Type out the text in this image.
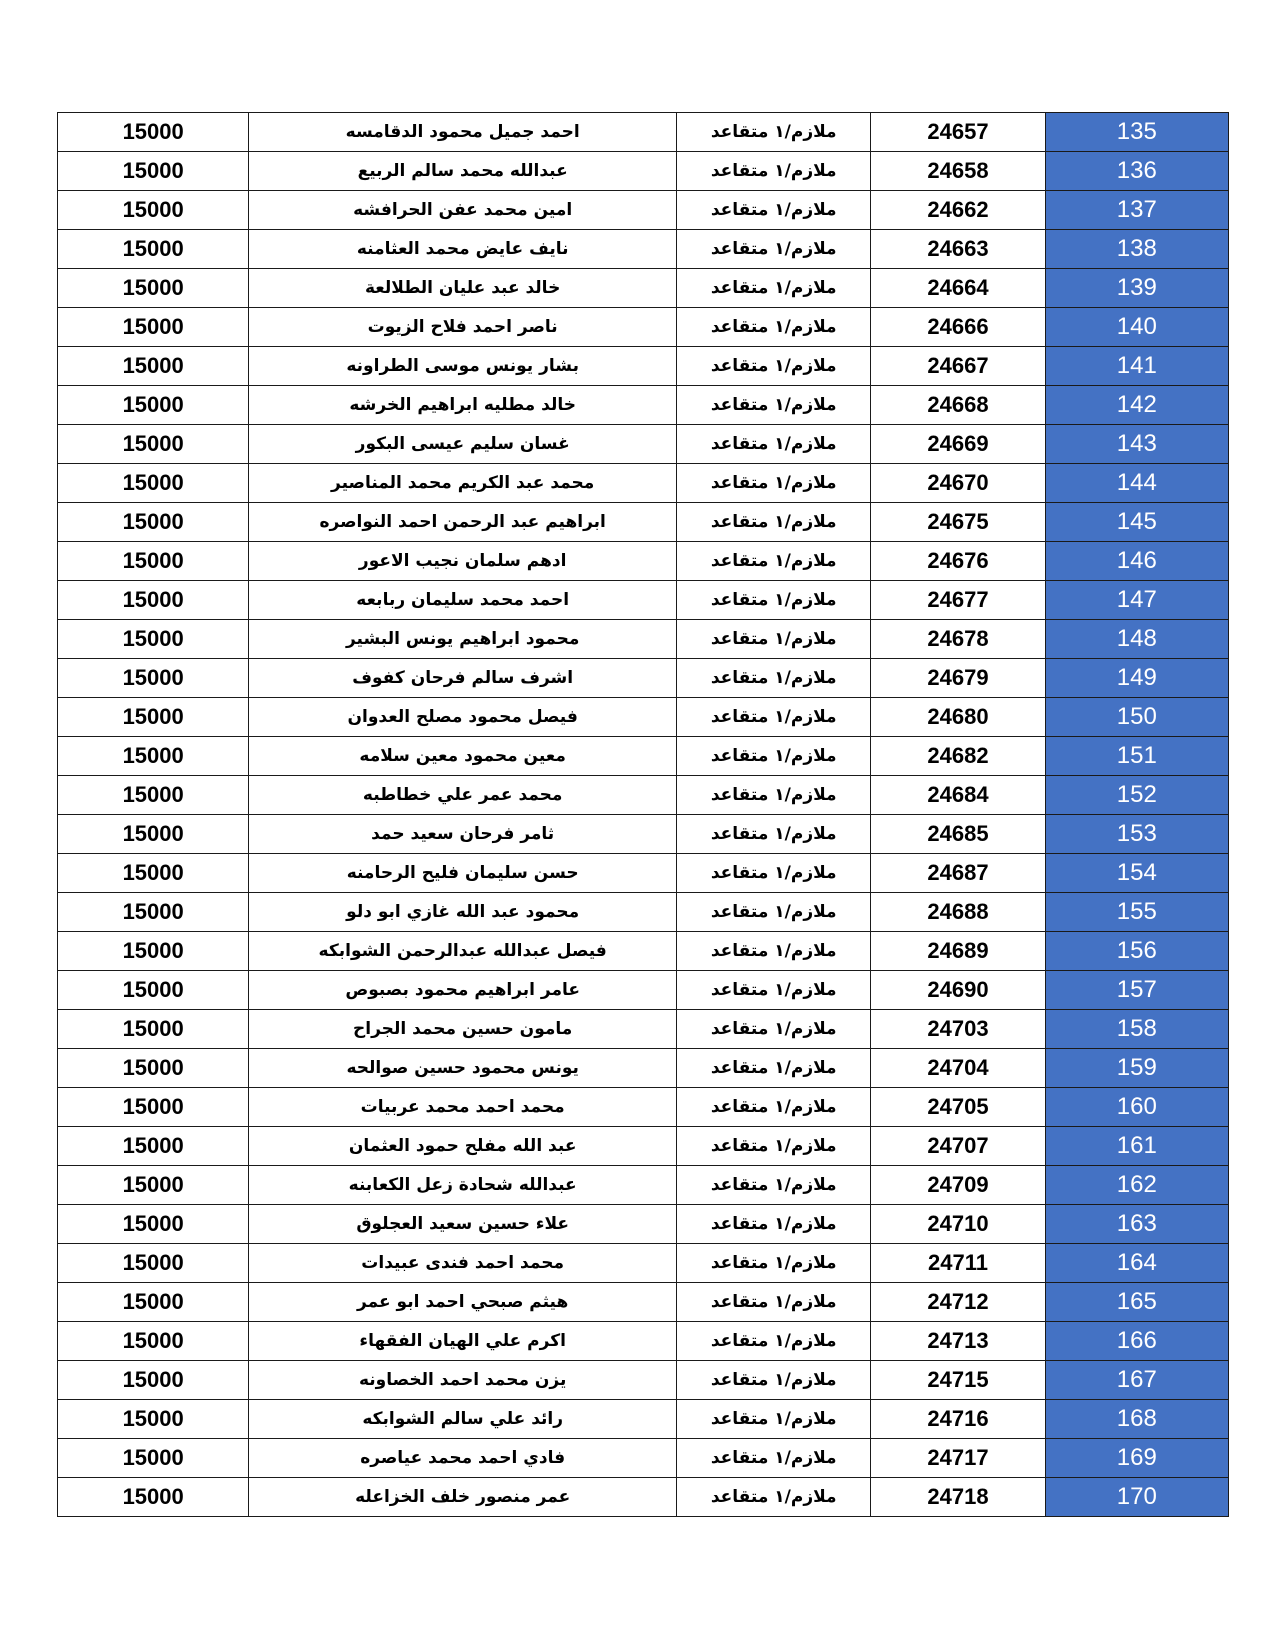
15000	احمد جميل محمود الدقامسه	ملازم/١ متقاعد	24657	135
15000	عبدالله محمد سالم الربيع	ملازم/١ متقاعد	24658	136
15000	امين محمد عفن الحرافشه	ملازم/١ متقاعد	24662	137
15000	نايف عايض محمد العثامنه	ملازم/١ متقاعد	24663	138
15000	خالد عبد عليان الطلالعة	ملازم/١ متقاعد	24664	139
15000	ناصر احمد فلاح الزيوت	ملازم/١ متقاعد	24666	140
15000	بشار يونس موسى الطراونه	ملازم/١ متقاعد	24667	141
15000	خالد مطليه ابراهيم الخرشه	ملازم/١ متقاعد	24668	142
15000	غسان سليم عيسى البكور	ملازم/١ متقاعد	24669	143
15000	محمد عبد الكريم محمد المناصير	ملازم/١ متقاعد	24670	144
15000	ابراهيم عبد الرحمن احمد النواصره	ملازم/١ متقاعد	24675	145
15000	ادهم سلمان نجيب الاعور	ملازم/١ متقاعد	24676	146
15000	احمد محمد سليمان ربابعه	ملازم/١ متقاعد	24677	147
15000	محمود ابراهيم يونس البشير	ملازم/١ متقاعد	24678	148
15000	اشرف سالم فرحان كفوف	ملازم/١ متقاعد	24679	149
15000	فيصل محمود مصلح العدوان	ملازم/١ متقاعد	24680	150
15000	معين محمود معين سلامه	ملازم/١ متقاعد	24682	151
15000	محمد عمر علي خطاطبه	ملازم/١ متقاعد	24684	152
15000	ثامر فرحان سعيد حمد	ملازم/١ متقاعد	24685	153
15000	حسن سليمان فليح الرحامنه	ملازم/١ متقاعد	24687	154
15000	محمود عبد الله غازي ابو دلو	ملازم/١ متقاعد	24688	155
15000	فيصل عبدالله عبدالرحمن الشوابكه	ملازم/١ متقاعد	24689	156
15000	عامر ابراهيم محمود بصبوص	ملازم/١ متقاعد	24690	157
15000	مامون حسين محمد الجراح	ملازم/١ متقاعد	24703	158
15000	يونس محمود حسين صوالحه	ملازم/١ متقاعد	24704	159
15000	محمد احمد محمد عربيات	ملازم/١ متقاعد	24705	160
15000	عبد الله مفلح حمود العثمان	ملازم/١ متقاعد	24707	161
15000	عبدالله شحادة زعل الكعابنه	ملازم/١ متقاعد	24709	162
15000	علاء حسين سعيد العجلوق	ملازم/١ متقاعد	24710	163
15000	محمد احمد فندى عبيدات	ملازم/١ متقاعد	24711	164
15000	هيثم صبحي احمد ابو عمر	ملازم/١ متقاعد	24712	165
15000	اكرم علي الهيان الفقهاء	ملازم/١ متقاعد	24713	166
15000	يزن محمد احمد الخصاونه	ملازم/١ متقاعد	24715	167
15000	رائد علي سالم الشوابكه	ملازم/١ متقاعد	24716	168
15000	فادي احمد محمد عياصره	ملازم/١ متقاعد	24717	169
15000	عمر منصور خلف الخزاعله	ملازم/١ متقاعد	24718	170
